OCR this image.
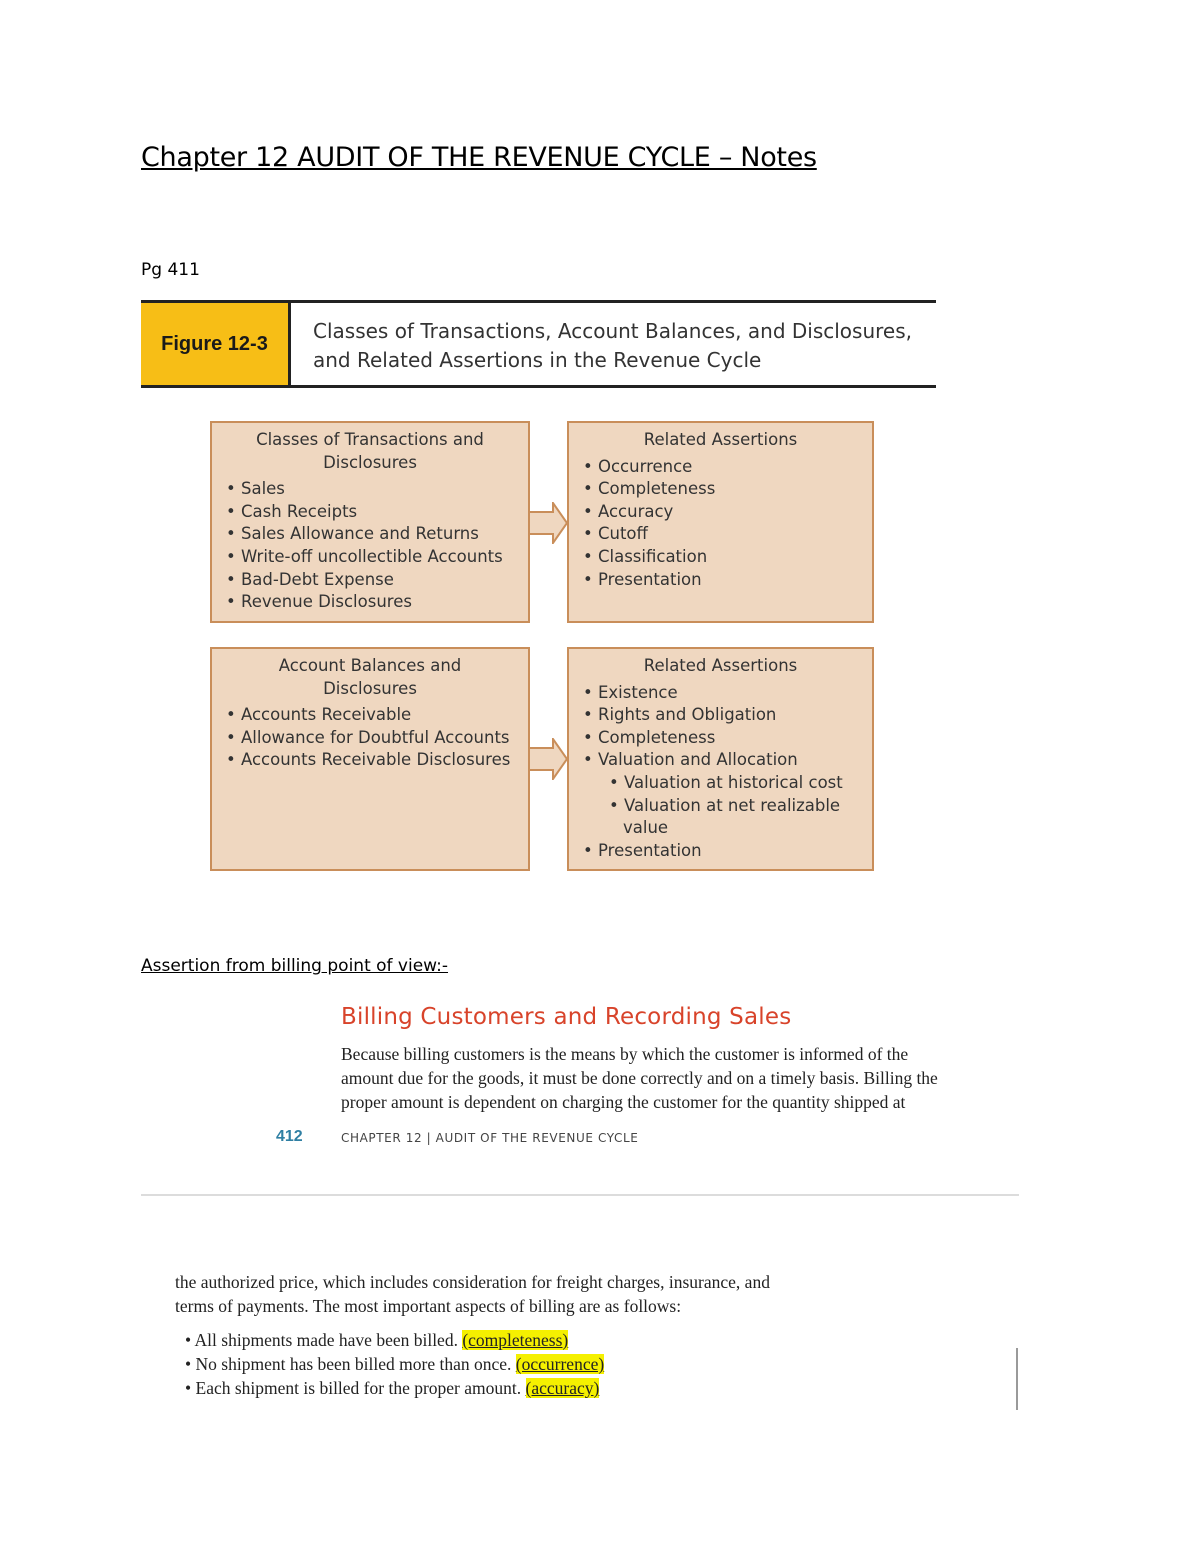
Chapter 12 AUDIT OF THE REVENUE CYCLE – Notes
Pg 411
Figure 12-3
Classes of Transactions, Account Balances, and Disclosures,
and Related Assertions in the Revenue Cycle
Classes of Transactions and
Disclosures
• Sales
• Cash Receipts
• Sales Allowance and Returns
• Write-off uncollectible Accounts
• Bad-Debt Expense
• Revenue Disclosures
Related Assertions
• Occurrence
• Completeness
• Accuracy
• Cutoff
• Classification
• Presentation
Account Balances and
Disclosures
• Accounts Receivable
• Allowance for Doubtful Accounts
• Accounts Receivable Disclosures
Related Assertions
• Existence
• Rights and Obligation
• Completeness
• Valuation and Allocation
• Valuation at historical cost
• Valuation at net realizable
value
• Presentation
Assertion from billing point of view:-
Billing Customers and Recording Sales
Because billing customers is the means by which the customer is informed of the
amount due for the goods, it must be done correctly and on a timely basis. Billing the
proper amount is dependent on charging the customer for the quantity shipped at
412	CHAPTER 12 | AUDIT OF THE REVENUE CYCLE
the authorized price, which includes consideration for freight charges, insurance, and
terms of payments. The most important aspects of billing are as follows:
• All shipments made have been billed. (completeness)
• No shipment has been billed more than once. (occurrence)
• Each shipment is billed for the proper amount. (accuracy)
